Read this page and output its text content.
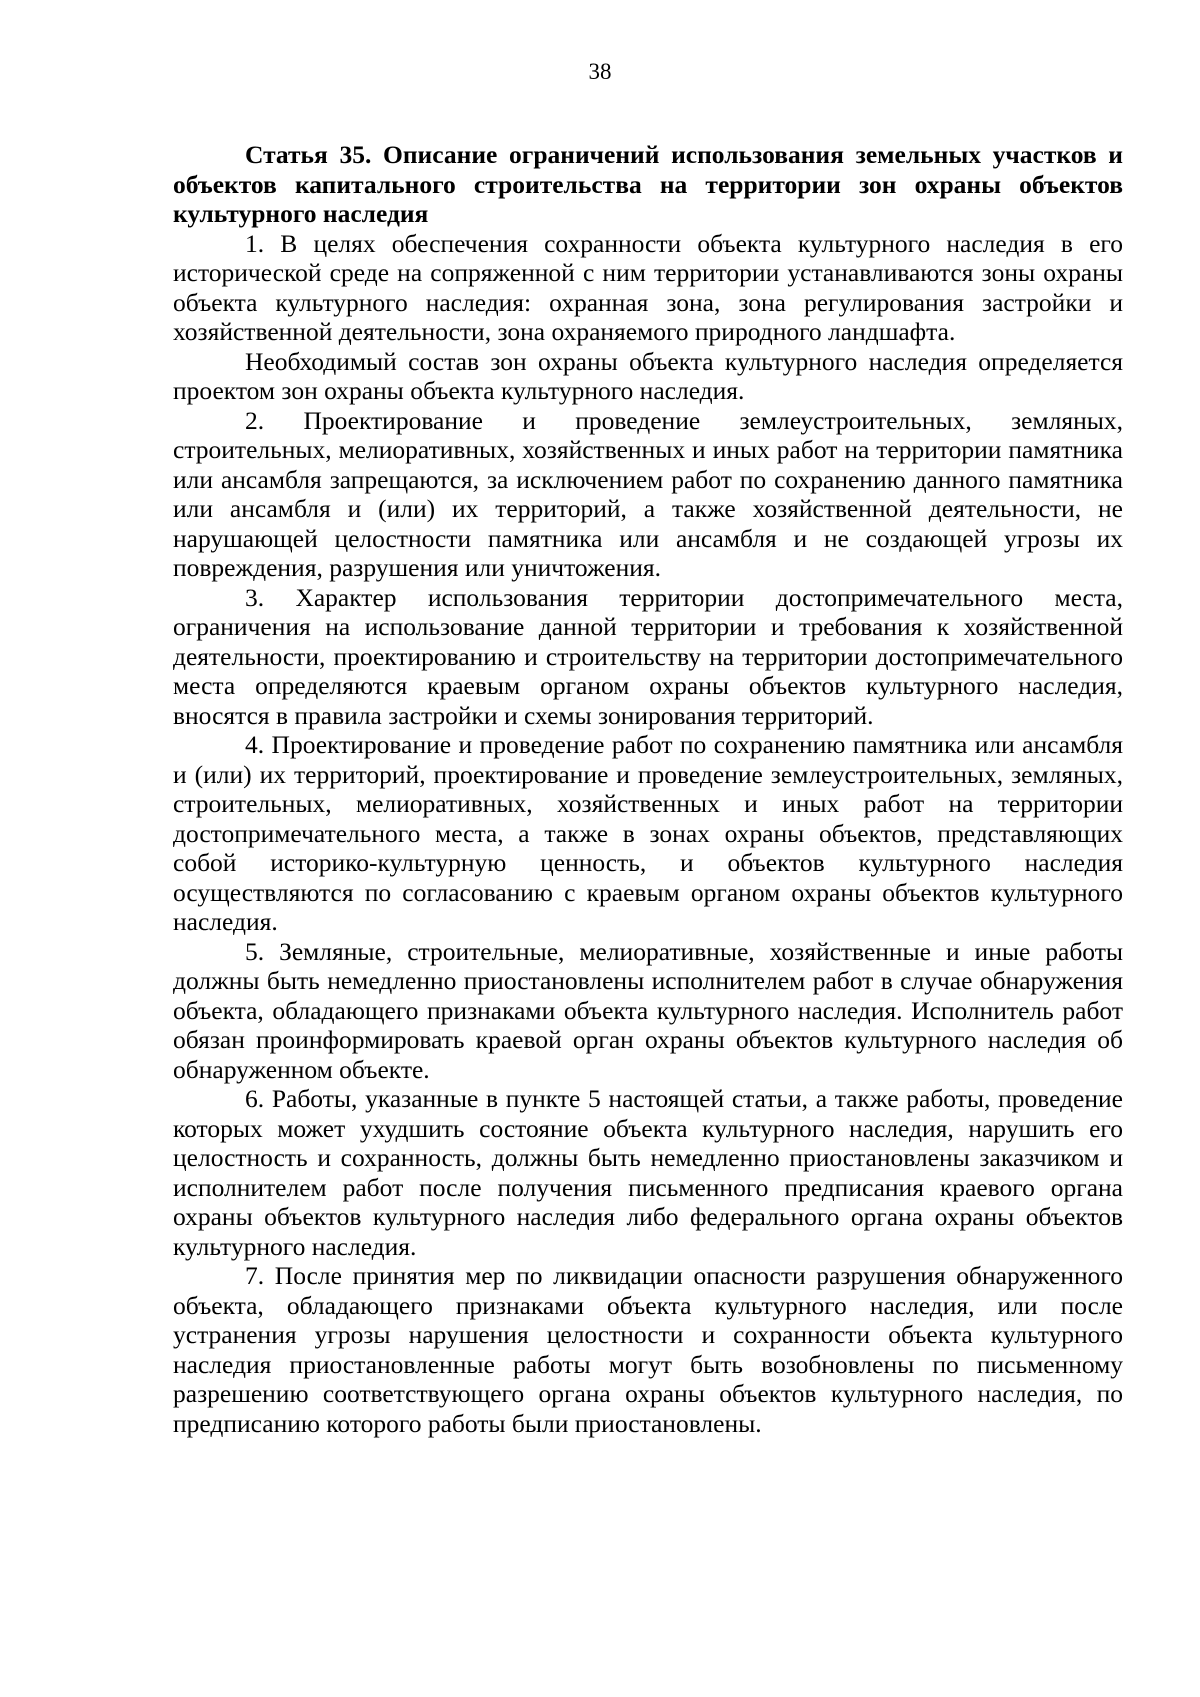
38
Статья 35. Описание ограничений использования земельных участков и объектов капитального строительства на территории зон охраны объектов культурного наследия

1. В целях обеспечения сохранности объекта культурного наследия в его исторической среде на сопряженной с ним территории устанавливаются зоны охраны объекта культурного наследия: охранная зона, зона регулирования застройки и хозяйственной деятельности, зона охраняемого природного ландшафта.

Необходимый состав зон охраны объекта культурного наследия определяется проектом зон охраны объекта культурного наследия.

2. Проектирование и проведение землеустроительных, земляных, строительных, мелиоративных, хозяйственных и иных работ на территории памятника или ансамбля запрещаются, за исключением работ по сохранению данного памятника или ансамбля и (или) их территорий, а также хозяйственной деятельности, не нарушающей целостности памятника или ансамбля и не создающей угрозы их повреждения, разрушения или уничтожения.

3. Характер использования территории достопримечательного места, ограничения на использование данной территории и требования к хозяйственной деятельности, проектированию и строительству на территории достопримечательного места определяются краевым органом охраны объектов культурного наследия, вносятся в правила застройки и схемы зонирования территорий.

4. Проектирование и проведение работ по сохранению памятника или ансамбля и (или) их территорий, проектирование и проведение землеустроительных, земляных, строительных, мелиоративных, хозяйственных и иных работ на территории достопримечательного места, а также в зонах охраны объектов, представляющих собой историко-культурную ценность, и объектов культурного наследия осуществляются по согласованию с краевым органом охраны объектов культурного наследия.

5. Земляные, строительные, мелиоративные, хозяйственные и иные работы должны быть немедленно приостановлены исполнителем работ в случае обнаружения объекта, обладающего признаками объекта культурного наследия. Исполнитель работ обязан проинформировать краевой орган охраны объектов культурного наследия об обнаруженном объекте.

6. Работы, указанные в пункте 5 настоящей статьи, а также работы, проведение которых может ухудшить состояние объекта культурного наследия, нарушить его целостность и сохранность, должны быть немедленно приостановлены заказчиком и исполнителем работ после получения письменного предписания краевого органа охраны объектов культурного наследия либо федерального органа охраны объектов культурного наследия.

7. После принятия мер по ликвидации опасности разрушения обнаруженного объекта, обладающего признаками объекта культурного наследия, или после устранения угрозы нарушения целостности и сохранности объекта культурного наследия приостановленные работы могут быть возобновлены по письменному разрешению соответствующего органа охраны объектов культурного наследия, по предписанию которого работы были приостановлены.
